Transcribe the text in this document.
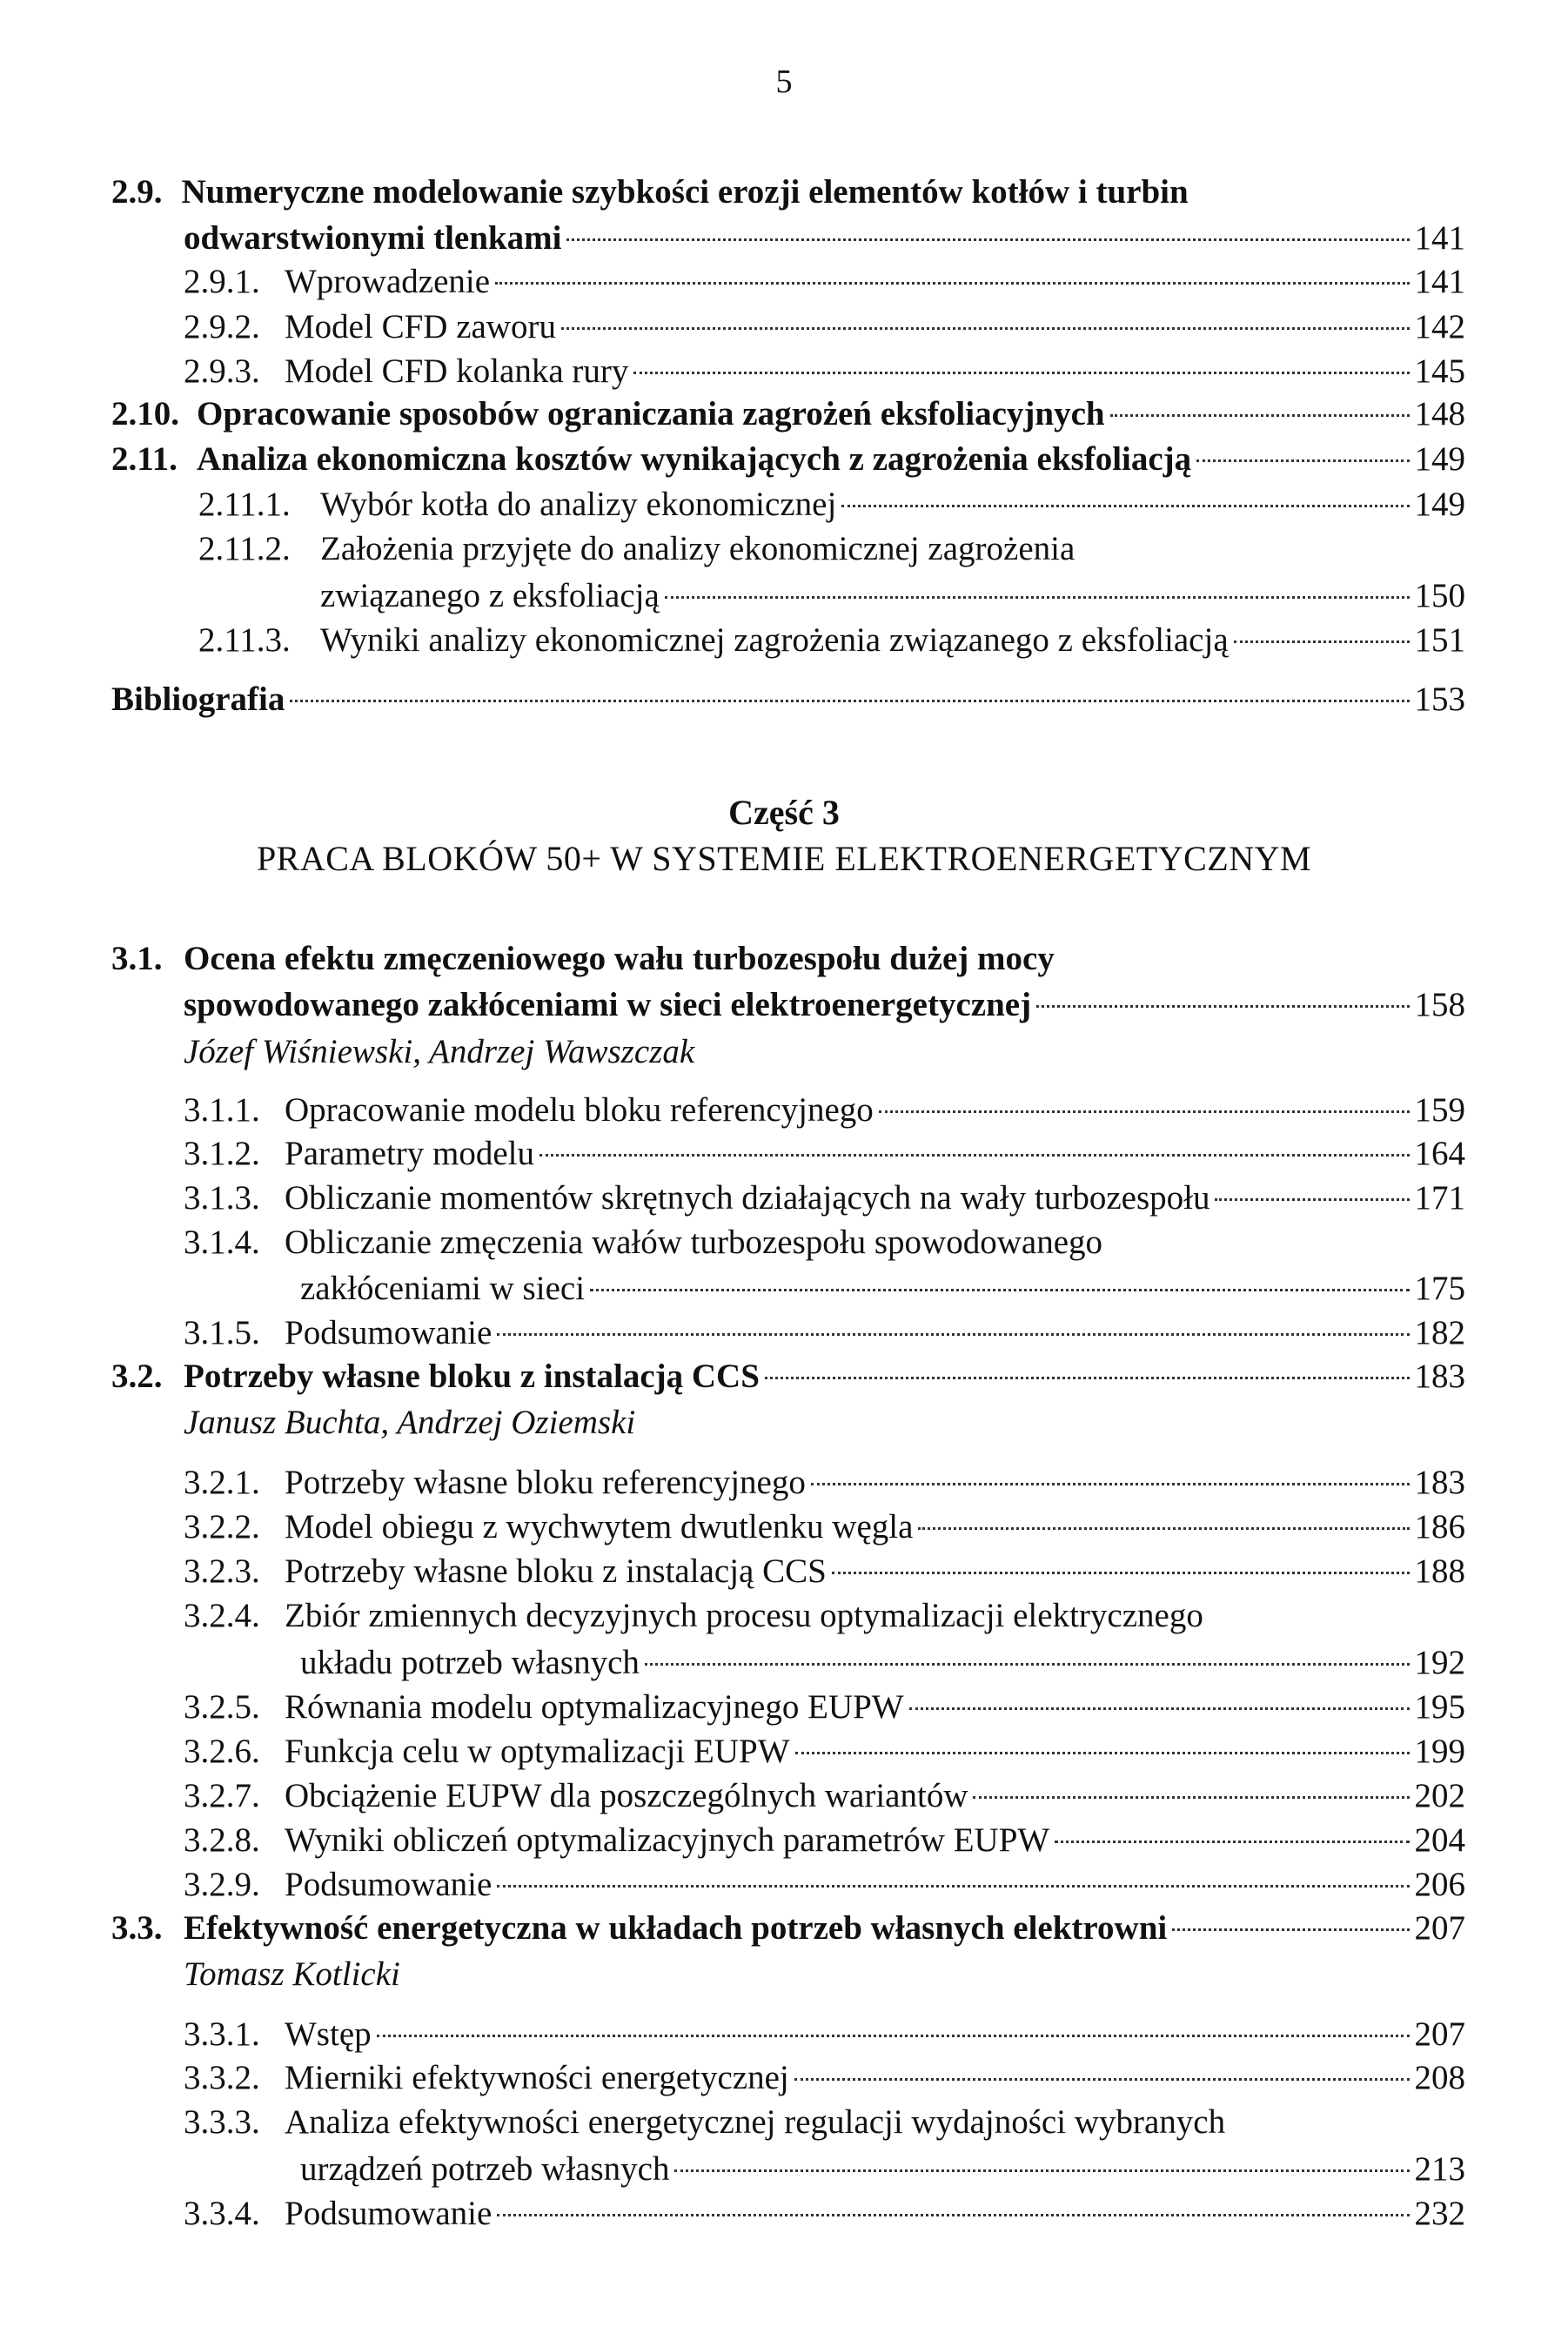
5
2.9. Numeryczne modelowanie szybkości erozji elementów kotłów i turbin
odwarstwionymi tlenkami	141
2.9.1. Wprowadzenie	141
2.9.2. Model CFD zaworu	142
2.9.3. Model CFD kolanka rury	145
2.10. Opracowanie sposobów ograniczania zagrożeń eksfoliacyjnych	148
2.11. Analiza ekonomiczna kosztów wynikających z zagrożenia eksfoliacją	149
2.11.1. Wybór kotła do analizy ekonomicznej	149
2.11.2. Założenia przyjęte do analizy ekonomicznej zagrożenia
związanego z eksfoliacją	150
2.11.3. Wyniki analizy ekonomicznej zagrożenia związanego z eksfoliacją	151
Bibliografia	153
Część 3
PRACA BLOKÓW 50+ W SYSTEMIE ELEKTROENERGETYCZNYM
3.1. Ocena efektu zmęczeniowego wału turbozespołu dużej mocy
spowodowanego zakłóceniami w sieci elektroenergetycznej	158
Józef Wiśniewski, Andrzej Wawszczak
3.1.1. Opracowanie modelu bloku referencyjnego	159
3.1.2. Parametry modelu	164
3.1.3. Obliczanie momentów skrętnych działających na wały turbozespołu	171
3.1.4. Obliczanie zmęczenia wałów turbozespołu spowodowanego
zakłóceniami w sieci	175
3.1.5. Podsumowanie	182
3.2. Potrzeby własne bloku z instalacją CCS	183
Janusz Buchta, Andrzej Oziemski
3.2.1. Potrzeby własne bloku referencyjnego	183
3.2.2. Model obiegu z wychwytem dwutlenku węgla	186
3.2.3. Potrzeby własne bloku z instalacją CCS	188
3.2.4. Zbiór zmiennych decyzyjnych procesu optymalizacji elektrycznego
układu potrzeb własnych	192
3.2.5. Równania modelu optymalizacyjnego EUPW	195
3.2.6. Funkcja celu w optymalizacji EUPW	199
3.2.7. Obciążenie EUPW dla poszczególnych wariantów	202
3.2.8. Wyniki obliczeń optymalizacyjnych parametrów EUPW	204
3.2.9. Podsumowanie	206
3.3. Efektywność energetyczna w układach potrzeb własnych elektrowni	207
Tomasz Kotlicki
3.3.1. Wstęp	207
3.3.2. Mierniki efektywności energetycznej	208
3.3.3. Analiza efektywności energetycznej regulacji wydajności wybranych
urządzeń potrzeb własnych	213
3.3.4. Podsumowanie	232
